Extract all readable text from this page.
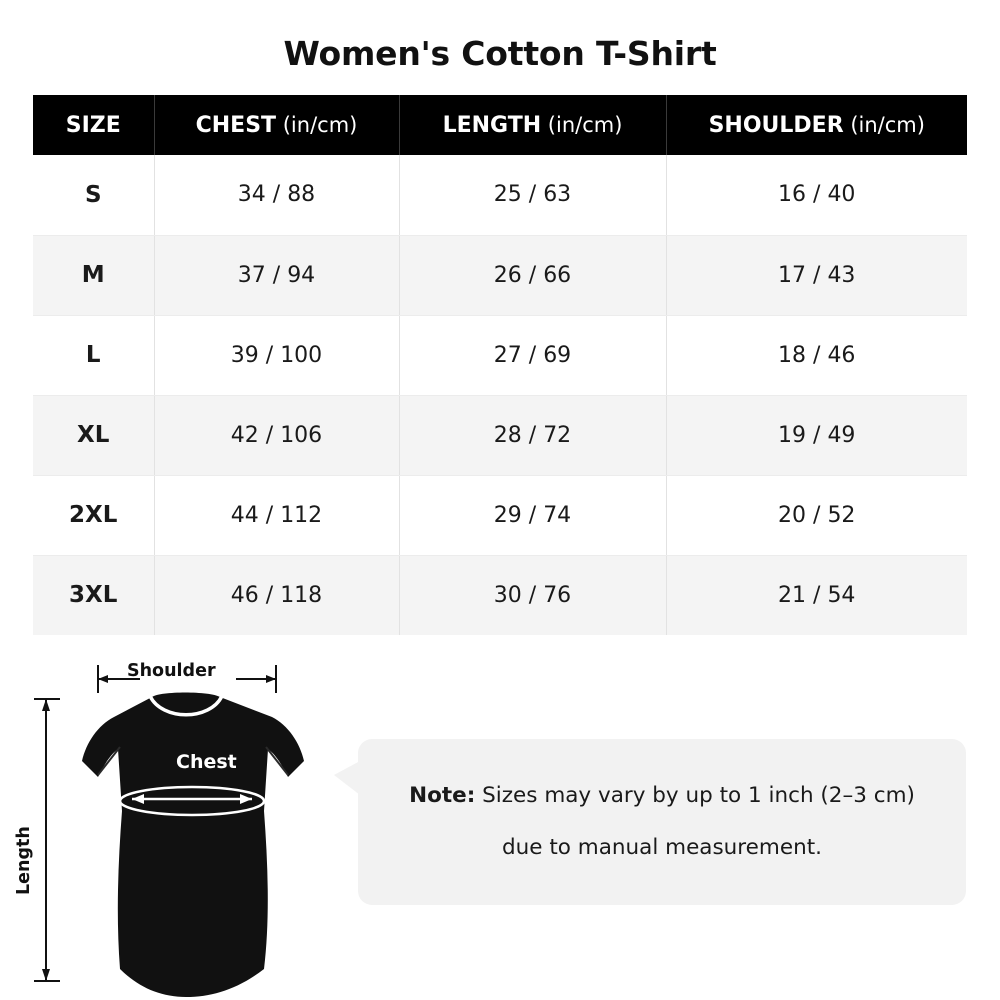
Women's Cotton T-Shirt
SIZE	CHEST (in/cm)	LENGTH (in/cm)	SHOULDER (in/cm)
S	34 / 88	25 / 63	16 / 40
M	37 / 94	26 / 66	17 / 43
L	39 / 100	27 / 69	18 / 46
XL	42 / 106	28 / 72	19 / 49
2XL	44 / 112	29 / 74	20 / 52
3XL	46 / 118	30 / 76	21 / 54
Shoulder
Length
Chest
Note: Sizes may vary by up to 1 inch (2–3 cm)
due to manual measurement.
